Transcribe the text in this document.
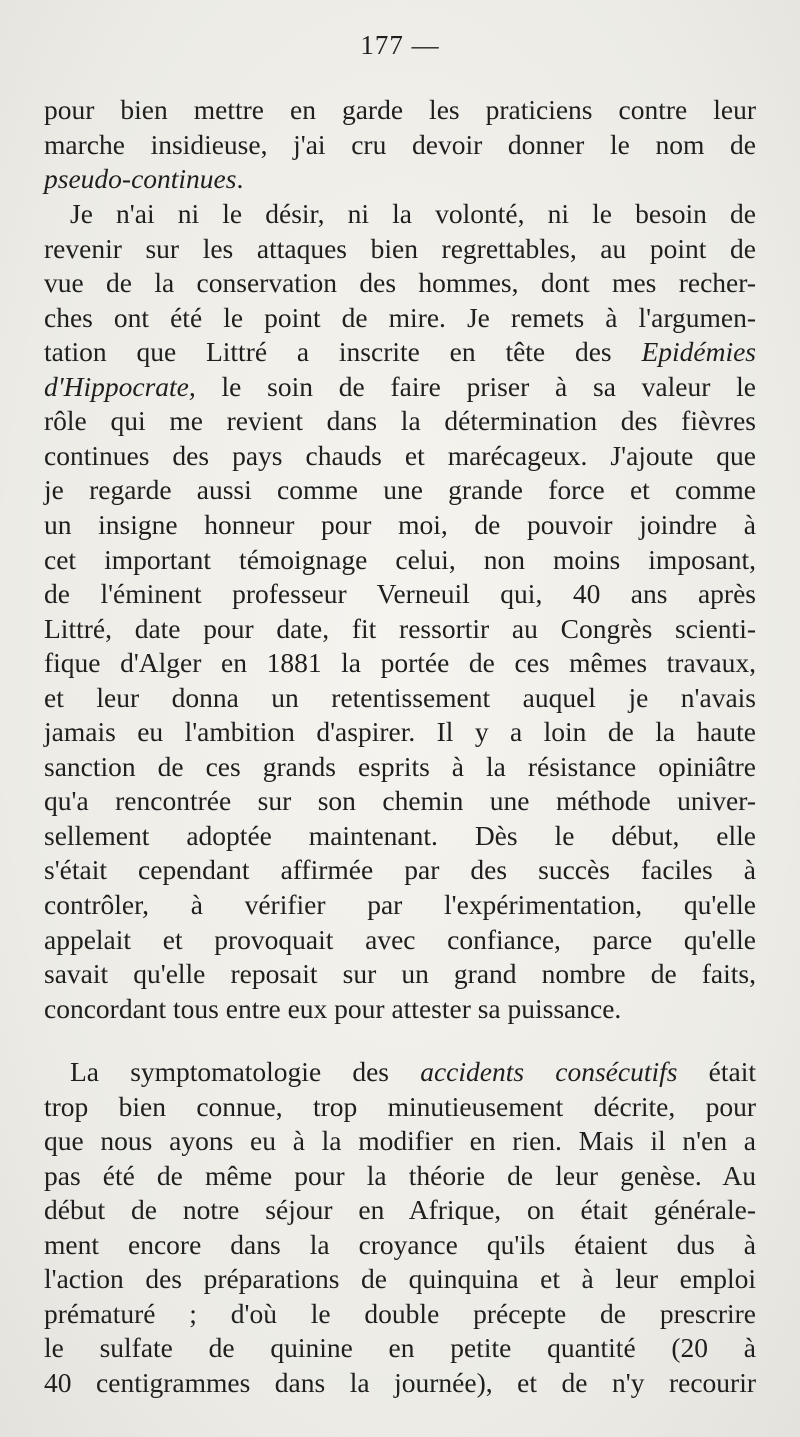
177 —
pour bien mettre en garde les praticiens contre leur
marche insidieuse, j'ai cru devoir donner le nom de
pseudo-continues.
Je n'ai ni le désir, ni la volonté, ni le besoin de
revenir sur les attaques bien regrettables, au point de
vue de la conservation des hommes, dont mes recher-
ches ont été le point de mire. Je remets à l'argumen-
tation que Littré a inscrite en tête des Epidémies
d'Hippocrate, le soin de faire priser à sa valeur le
rôle qui me revient dans la détermination des fièvres
continues des pays chauds et marécageux. J'ajoute que
je regarde aussi comme une grande force et comme
un insigne honneur pour moi, de pouvoir joindre à
cet important témoignage celui, non moins imposant,
de l'éminent professeur Verneuil qui, 40 ans après
Littré, date pour date, fit ressortir au Congrès scienti-
fique d'Alger en 1881 la portée de ces mêmes travaux,
et leur donna un retentissement auquel je n'avais
jamais eu l'ambition d'aspirer. Il y a loin de la haute
sanction de ces grands esprits à la résistance opiniâtre
qu'a rencontrée sur son chemin une méthode univer-
sellement adoptée maintenant. Dès le début, elle
s'était cependant affirmée par des succès faciles à
contrôler, à vérifier par l'expérimentation, qu'elle
appelait et provoquait avec confiance, parce qu'elle
savait qu'elle reposait sur un grand nombre de faits,
concordant tous entre eux pour attester sa puissance.
La symptomatologie des accidents consécutifs était
trop bien connue, trop minutieusement décrite, pour
que nous ayons eu à la modifier en rien. Mais il n'en a
pas été de même pour la théorie de leur genèse. Au
début de notre séjour en Afrique, on était générale-
ment encore dans la croyance qu'ils étaient dus à
l'action des préparations de quinquina et à leur emploi
prématuré ; d'où le double précepte de prescrire
le sulfate de quinine en petite quantité (20 à
40 centigrammes dans la journée), et de n'y recourir
